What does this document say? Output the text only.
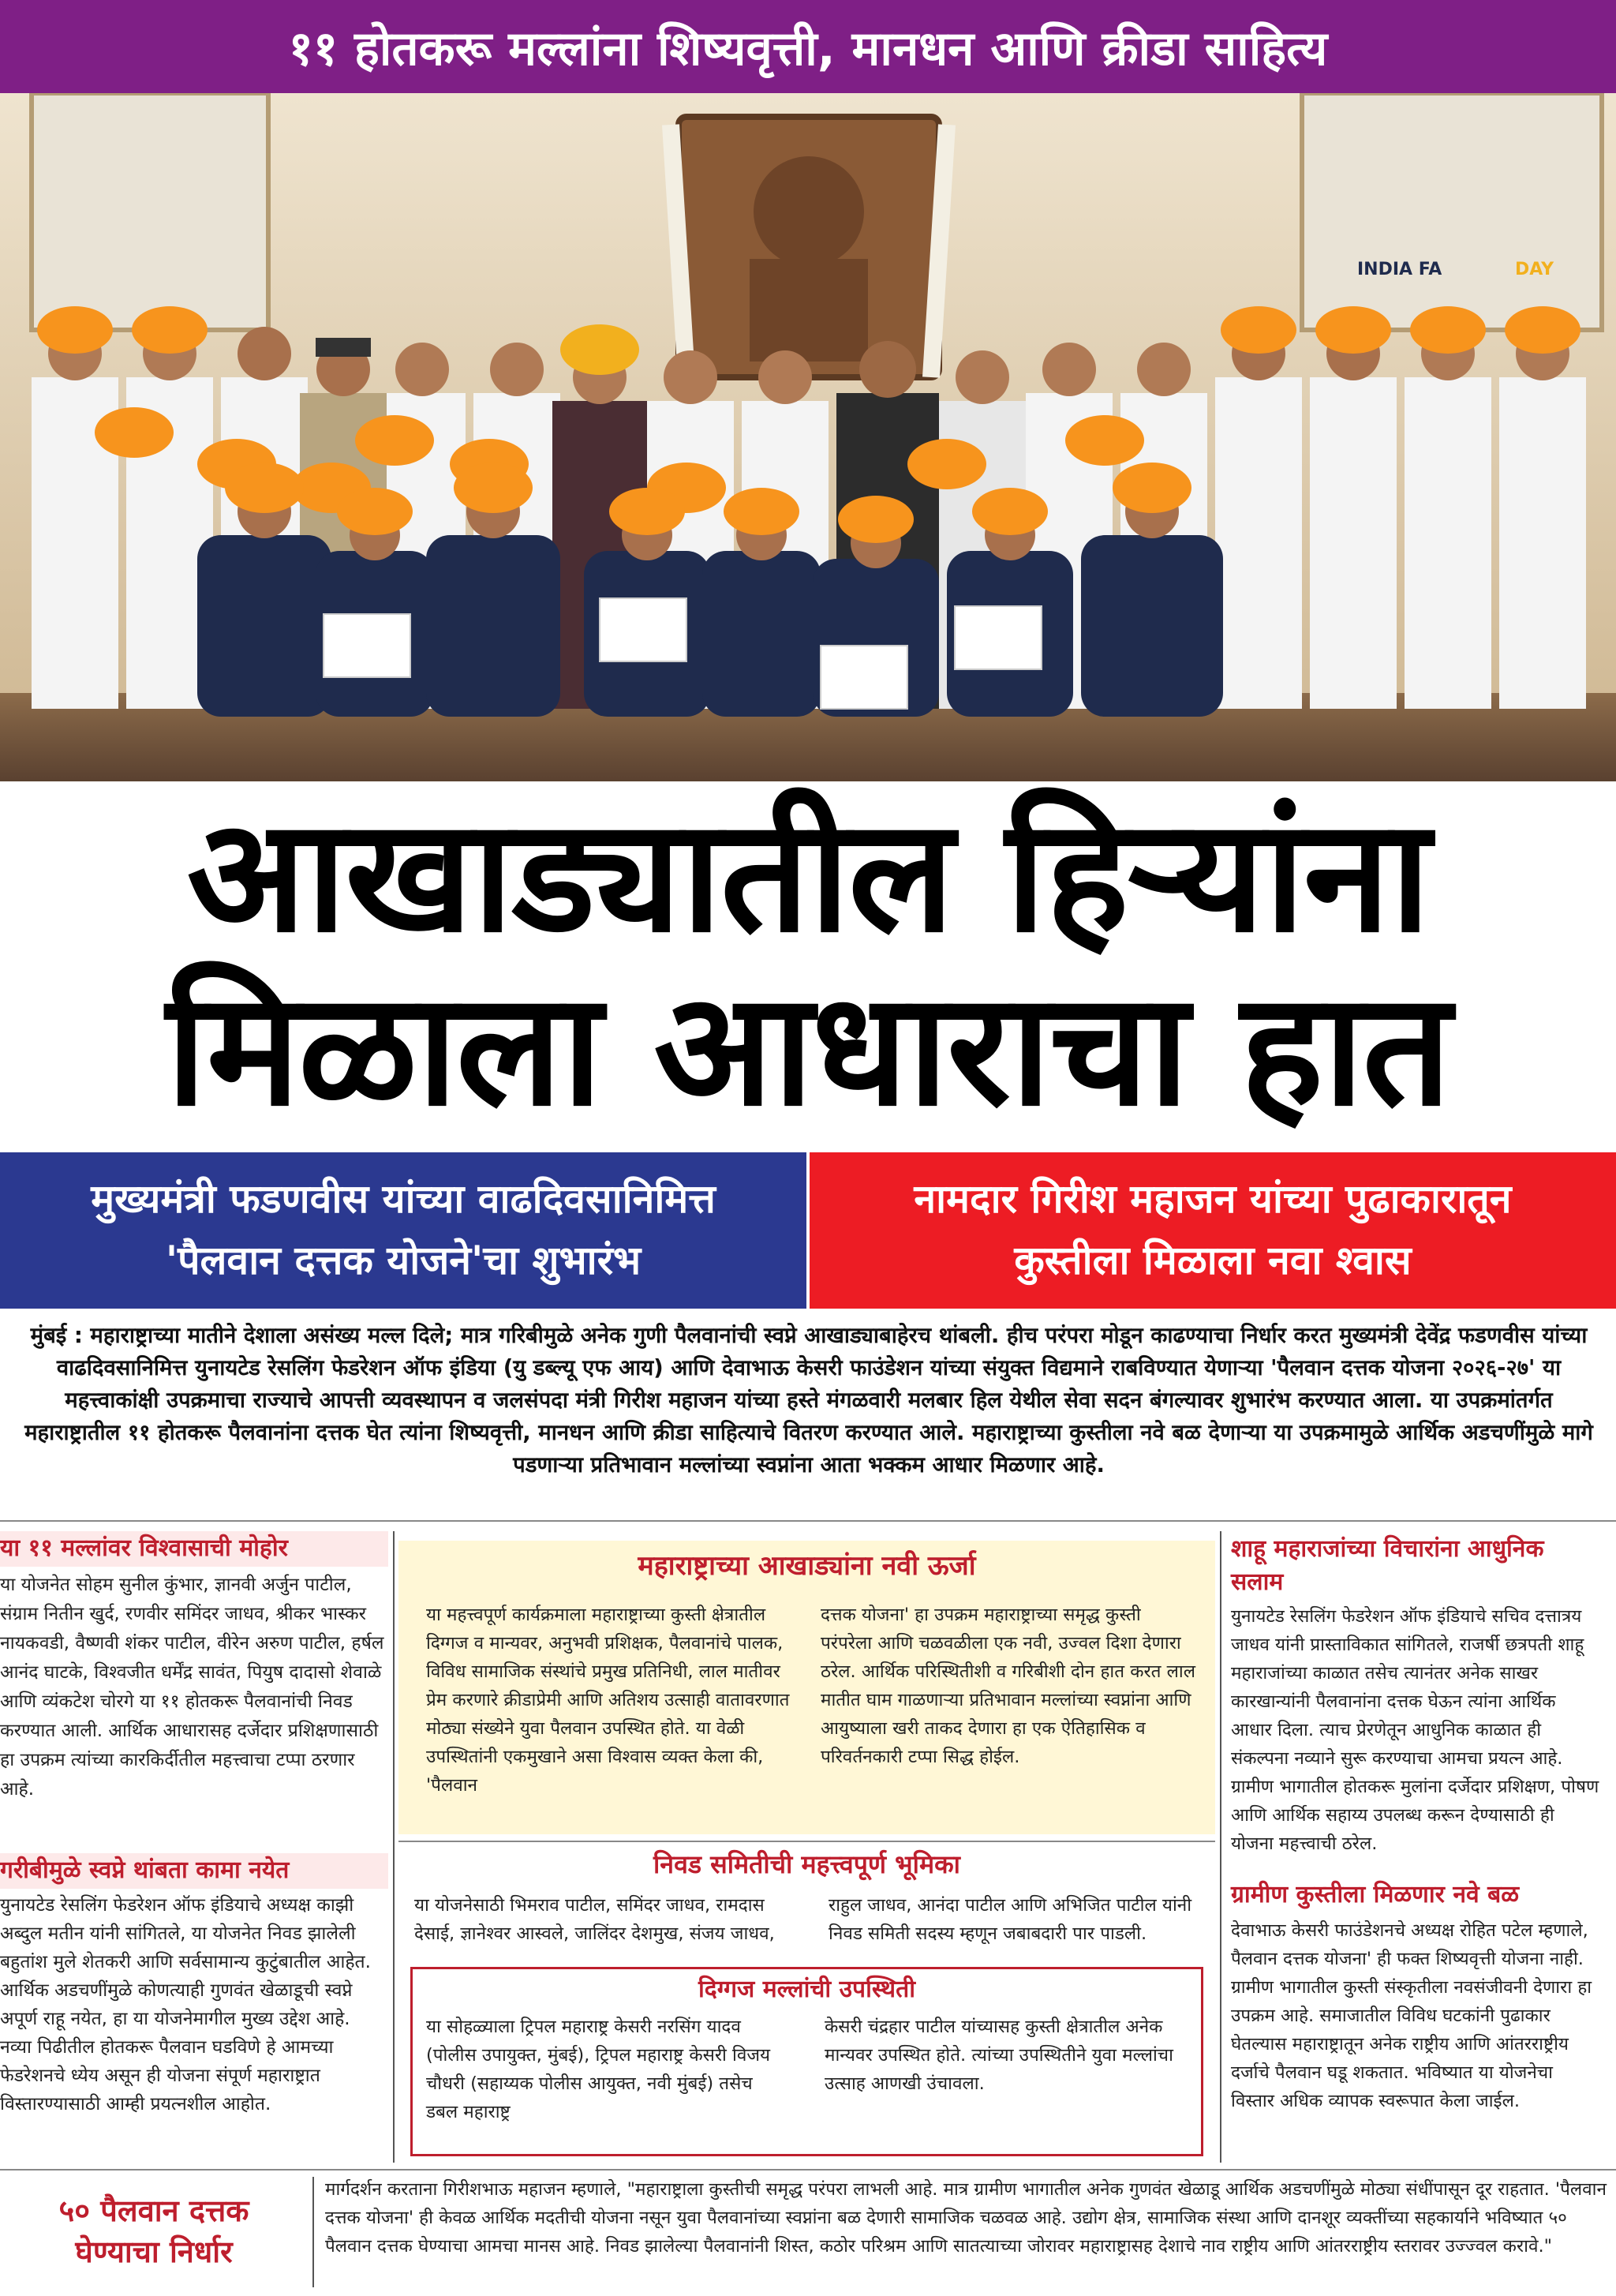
११ होतकरू मल्लांना शिष्यवृत्ती, मानधन आणि क्रीडा साहित्य
INDIA FA	DAY
आखाड्यातील हिऱ्यांना
मिळाला आधाराचा हात
मुख्यमंत्री फडणवीस यांच्या वाढदिवसानिमित्त
'पैलवान दत्तक योजने'चा शुभारंभ
नामदार गिरीश महाजन यांच्या पुढाकारातून
कुस्तीला मिळाला नवा श्वास
मुंबई : महाराष्ट्राच्या मातीने देशाला असंख्य मल्ल दिले; मात्र गरिबीमुळे अनेक गुणी पैलवानांची स्वप्ने आखाड्याबाहेरच थांबली. हीच परंपरा मोडून काढण्याचा निर्धार करत मुख्यमंत्री देवेंद्र फडणवीस यांच्या वाढदिवसानिमित्त युनायटेड रेसलिंग फेडरेशन ऑफ इंडिया (यु डब्ल्यू एफ आय) आणि देवाभाऊ केसरी फाउंडेशन यांच्या संयुक्त विद्यमाने राबविण्यात येणाऱ्या 'पैलवान दत्तक योजना २०२६-२७' या महत्त्वाकांक्षी उपक्रमाचा राज्याचे आपत्ती व्यवस्थापन व जलसंपदा मंत्री गिरीश महाजन यांच्या हस्ते मंगळवारी मलबार हिल येथील सेवा सदन बंगल्यावर शुभारंभ करण्यात आला. या उपक्रमांतर्गत महाराष्ट्रातील ११ होतकरू पैलवानांना दत्तक घेत त्यांना शिष्यवृत्ती, मानधन आणि क्रीडा साहित्याचे वितरण करण्यात आले. महाराष्ट्राच्या कुस्तीला नवे बळ देणाऱ्या या उपक्रमामुळे आर्थिक अडचणींमुळे मागे पडणाऱ्या प्रतिभावान मल्लांच्या स्वप्नांना आता भक्कम आधार मिळणार आहे.
या ११ मल्लांवर विश्वासाची मोहोर
या योजनेत सोहम सुनील कुंभार, ज्ञानवी अर्जुन पाटील, संग्राम नितीन खुर्द, रणवीर समिंदर जाधव, श्रीकर भास्कर नायकवडी, वैष्णवी शंकर पाटील, वीरेन अरुण पाटील, हर्षल आनंद घाटके, विश्वजीत धर्मेंद्र सावंत, पियुष दादासो शेवाळे आणि व्यंकटेश चोरगे या ११ होतकरू पैलवानांची निवड करण्यात आली. आर्थिक आधारासह दर्जेदार प्रशिक्षणासाठी हा उपक्रम त्यांच्या कारकिर्दीतील महत्त्वाचा टप्पा ठरणार आहे.
गरीबीमुळे स्वप्ने थांबता कामा नयेत
युनायटेड रेसलिंग फेडरेशन ऑफ इंडियाचे अध्यक्ष काझी अब्दुल मतीन यांनी सांगितले, या योजनेत निवड झालेली बहुतांश मुले शेतकरी आणि सर्वसामान्य कुटुंबातील आहेत. आर्थिक अडचणींमुळे कोणत्याही गुणवंत खेळाडूची स्वप्ने अपूर्ण राहू नयेत, हा या योजनेमागील मुख्य उद्देश आहे. नव्या पिढीतील होतकरू पैलवान घडविणे हे आमच्या फेडरेशनचे ध्येय असून ही योजना संपूर्ण महाराष्ट्रात विस्तारण्यासाठी आम्ही प्रयत्नशील आहोत.
महाराष्ट्राच्या आखाड्यांना नवी ऊर्जा
या महत्त्वपूर्ण कार्यक्रमाला महाराष्ट्राच्या कुस्ती क्षेत्रातील दिग्गज व मान्यवर, अनुभवी प्रशिक्षक, पैलवानांचे पालक, विविध सामाजिक संस्थांचे प्रमुख प्रतिनिधी, लाल मातीवर प्रेम करणारे क्रीडाप्रेमी आणि अतिशय उत्साही वातावरणात मोठ्या संख्येने युवा पैलवान उपस्थित होते. या वेळी उपस्थितांनी एकमुखाने असा विश्वास व्यक्त केला की, 'पैलवान
दत्तक योजना' हा उपक्रम महाराष्ट्राच्या समृद्ध कुस्ती परंपरेला आणि चळवळीला एक नवी, उज्वल दिशा देणारा ठरेल. आर्थिक परिस्थितीशी व गरिबीशी दोन हात करत लाल मातीत घाम गाळणाऱ्या प्रतिभावान मल्लांच्या स्वप्नांना आणि आयुष्याला खरी ताकद देणारा हा एक ऐतिहासिक व परिवर्तनकारी टप्पा सिद्ध होईल.
निवड समितीची महत्त्वपूर्ण भूमिका
या योजनेसाठी भिमराव पाटील, समिंदर जाधव, रामदास देसाई, ज्ञानेश्वर आस्वले, जालिंदर देशमुख, संजय जाधव,
राहुल जाधव, आनंदा पाटील आणि अभिजित पाटील यांनी निवड समिती सदस्य म्हणून जबाबदारी पार पाडली.
दिग्गज मल्लांची उपस्थिती
या सोहळ्याला ट्रिपल महाराष्ट्र केसरी नरसिंग यादव (पोलीस उपायुक्त, मुंबई), ट्रिपल महाराष्ट्र केसरी विजय चौधरी (सहाय्यक पोलीस आयुक्त, नवी मुंबई) तसेच डबल महाराष्ट्र
केसरी चंद्रहार पाटील यांच्यासह कुस्ती क्षेत्रातील अनेक मान्यवर उपस्थित होते. त्यांच्या उपस्थितीने युवा मल्लांचा उत्साह आणखी उंचावला.
शाहू महाराजांच्या विचारांना आधुनिक सलाम
युनायटेड रेसलिंग फेडरेशन ऑफ इंडियाचे सचिव दत्तात्रय जाधव यांनी प्रास्ताविकात सांगितले, राजर्षी छत्रपती शाहू महाराजांच्या काळात तसेच त्यानंतर अनेक साखर कारखान्यांनी पैलवानांना दत्तक घेऊन त्यांना आर्थिक आधार दिला. त्याच प्रेरणेतून आधुनिक काळात ही संकल्पना नव्याने सुरू करण्याचा आमचा प्रयत्न आहे. ग्रामीण भागातील होतकरू मुलांना दर्जेदार प्रशिक्षण, पोषण आणि आर्थिक सहाय्य उपलब्ध करून देण्यासाठी ही योजना महत्त्वाची ठरेल.
ग्रामीण कुस्तीला मिळणार नवे बळ
देवाभाऊ केसरी फाउंडेशनचे अध्यक्ष रोहित पटेल म्हणाले, पैलवान दत्तक योजना' ही फक्त शिष्यवृत्ती योजना नाही. ग्रामीण भागातील कुस्ती संस्कृतीला नवसंजीवनी देणारा हा उपक्रम आहे. समाजातील विविध घटकांनी पुढाकार घेतल्यास महाराष्ट्रातून अनेक राष्ट्रीय आणि आंतरराष्ट्रीय दर्जाचे पैलवान घडू शकतात. भविष्यात या योजनेचा विस्तार अधिक व्यापक स्वरूपात केला जाईल.
५० पैलवान दत्तक
घेण्याचा निर्धार
मार्गदर्शन करताना गिरीशभाऊ महाजन म्हणाले, "महाराष्ट्राला कुस्तीची समृद्ध परंपरा लाभली आहे. मात्र ग्रामीण भागातील अनेक गुणवंत खेळाडू आर्थिक अडचणींमुळे मोठ्या संधींपासून दूर राहतात. 'पैलवान दत्तक योजना' ही केवळ आर्थिक मदतीची योजना नसून युवा पैलवानांच्या स्वप्नांना बळ देणारी सामाजिक चळवळ आहे. उद्योग क्षेत्र, सामाजिक संस्था आणि दानशूर व्यक्तींच्या सहकार्याने भविष्यात ५० पैलवान दत्तक घेण्याचा आमचा मानस आहे. निवड झालेल्या पैलवानांनी शिस्त, कठोर परिश्रम आणि सातत्याच्या जोरावर महाराष्ट्रासह देशाचे नाव राष्ट्रीय आणि आंतरराष्ट्रीय स्तरावर उज्ज्वल करावे."
